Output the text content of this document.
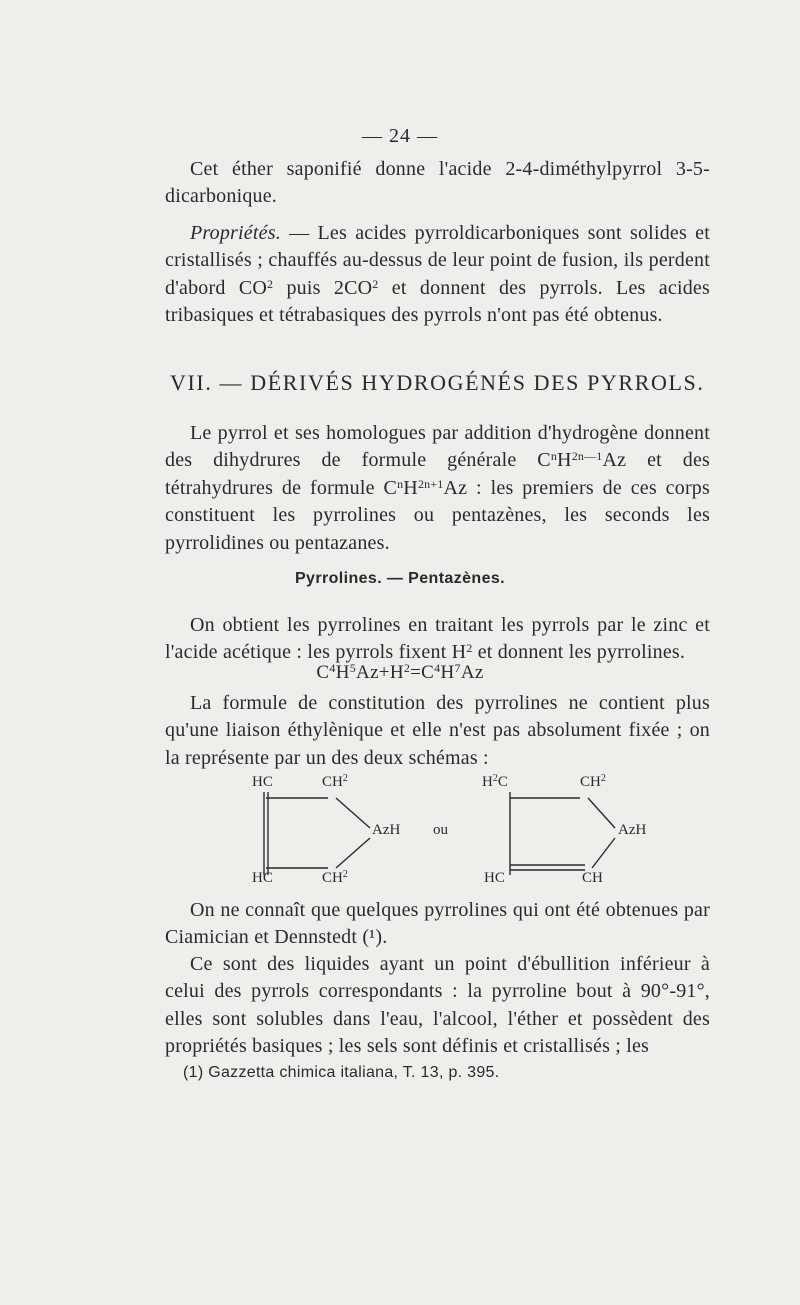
— 24 —

Cet éther saponifié donne l'acide 2-4-diméthylpyrrol 3-5-dicarbonique.

Propriétés. — Les acides pyrroldicarboniques sont solides et cristallisés ; chauffés au-dessus de leur point de fusion, ils perdent d'abord $CO^2$ puis $2CO^2$ et donnent des pyrrols. Les acides tribasiques et tétrabasiques des pyrrols n'ont pas été obtenus.

VII. — DÉRIVÉS HYDROGÉNÉS DES PYRROLS.

Le pyrrol et ses homologues par addition d'hydrogène donnent des dihydrures de formule générale $C^nH^{2n—1}Az$ et des tétrahydrures de formule $C^nH^{2n+1}Az$ : les premiers de ces corps constituent les pyrrolines ou pentazènes, les seconds les pyrrolidines ou pentazanes.

Pyrrolines. — Pentazènes.

On obtient les pyrrolines en traitant les pyrrols par le zinc et l'acide acétique : les pyrrols fixent $H^2$ et donnent les pyrrolines.

$C^4H^5Az+H^2=C^4H^7Az$

La formule de constitution des pyrrolines ne contient plus qu'une liaison éthylènique et elle n'est pas absolument fixée ; on la représente par un des deux schémas :

HC	$CH^2$
AzH
HC	$CH^2$
ou
$H^2C$	$CH^2$
AzH
HC	CH

On ne connaît que quelques pyrrolines qui ont été obtenues par Ciamician et Dennstedt (¹).

Ce sont des liquides ayant un point d'ébullition inférieur à celui des pyrrols correspondants : la pyrroline bout à 90°-91°, elles sont solubles dans l'eau, l'alcool, l'éther et possèdent des propriétés basiques ; les sels sont définis et cristallisés ; les

(1) Gazzetta chimica italiana, T. 13, p. 395.
